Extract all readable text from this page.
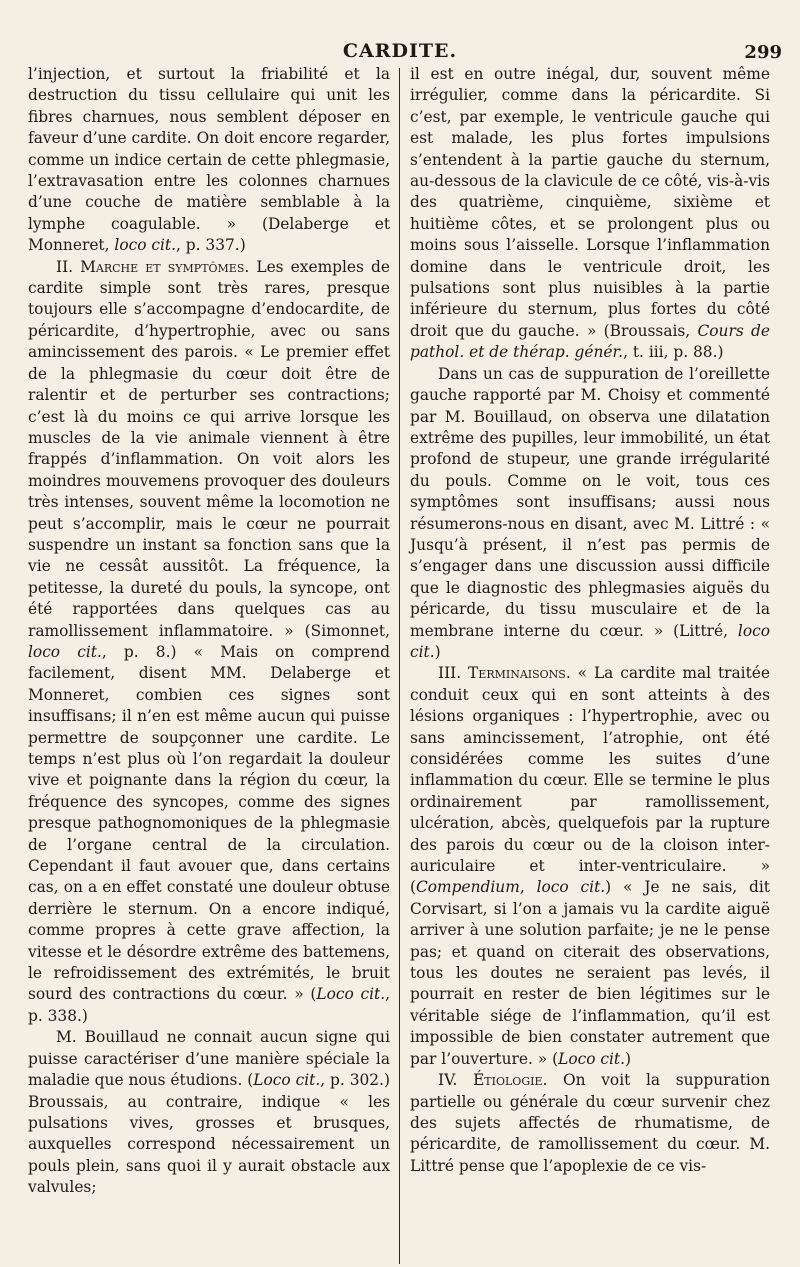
CARDITE.	299

l’injection, et surtout la friabilité et la destruction du tissu cellulaire qui unit les fibres charnues, nous semblent déposer en faveur d’une cardite. On doit encore regarder, comme un indice certain de cette phlegmasie, l’extravasation entre les colonnes charnues d’une couche de matière semblable à la lymphe coagulable. » (Delaberge et Monneret, loco cit., p. 337.)

II. Marche et symptômes. Les exemples de cardite simple sont très rares, presque toujours elle s’accompagne d’endocardite, de péricardite, d’hypertrophie, avec ou sans amincissement des parois. « Le premier effet de la phlegmasie du cœur doit être de ralentir et de perturber ses contractions; c’est là du moins ce qui arrive lorsque les muscles de la vie animale viennent à être frappés d’inflammation. On voit alors les moindres mouvemens provoquer des douleurs très intenses, souvent même la locomotion ne peut s’accomplir, mais le cœur ne pourrait suspendre un instant sa fonction sans que la vie ne cessât aussitôt. La fréquence, la petitesse, la dureté du pouls, la syncope, ont été rapportées dans quelques cas au ramollissement inflammatoire. » (Simonnet, loco cit., p. 8.) « Mais on comprend facilement, disent MM. Delaberge et Monneret, combien ces signes sont insuffisans; il n’en est même aucun qui puisse permettre de soupçonner une cardite. Le temps n’est plus où l’on regardait la douleur vive et poignante dans la région du cœur, la fréquence des syncopes, comme des signes presque pathognomoniques de la phlegmasie de l’organe central de la circulation. Cependant il faut avouer que, dans certains cas, on a en effet constaté une douleur obtuse derrière le sternum. On a encore indiqué, comme propres à cette grave affection, la vitesse et le désordre extrême des battemens, le refroidissement des extrémités, le bruit sourd des contractions du cœur. » (Loco cit., p. 338.)

M. Bouillaud ne connait aucun signe qui puisse caractériser d’une manière spéciale la maladie que nous étudions. (Loco cit., p. 302.) Broussais, au contraire, indique « les pulsations vives, grosses et brusques, auxquelles correspond nécessairement un pouls plein, sans quoi il y aurait obstacle aux valvules;

il est en outre inégal, dur, souvent même irrégulier, comme dans la péricardite. Si c’est, par exemple, le ventricule gauche qui est malade, les plus fortes impulsions s’entendent à la partie gauche du sternum, au-dessous de la clavicule de ce côté, vis-à-vis des quatrième, cinquième, sixième et huitième côtes, et se prolongent plus ou moins sous l’aisselle. Lorsque l’inflammation domine dans le ventricule droit, les pulsations sont plus nuisibles à la partie inférieure du sternum, plus fortes du côté droit que du gauche. » (Broussais, Cours de pathol. et de thérap. génér., t. iii, p. 88.)

Dans un cas de suppuration de l’oreillette gauche rapporté par M. Choisy et commenté par M. Bouillaud, on observa une dilatation extrême des pupilles, leur immobilité, un état profond de stupeur, une grande irrégularité du pouls. Comme on le voit, tous ces symptômes sont insuffisans; aussi nous résumerons-nous en disant, avec M. Littré : « Jusqu’à présent, il n’est pas permis de s’engager dans une discussion aussi difficile que le diagnostic des phlegmasies aiguës du péricarde, du tissu musculaire et de la membrane interne du cœur. » (Littré, loco cit.)

III. Terminaisons. « La cardite mal traitée conduit ceux qui en sont atteints à des lésions organiques : l’hypertrophie, avec ou sans amincissement, l’atrophie, ont été considérées comme les suites d’une inflammation du cœur. Elle se termine le plus ordinairement par ramollissement, ulcération, abcès, quelquefois par la rupture des parois du cœur ou de la cloison inter-auriculaire et inter-ventriculaire. » (Compendium, loco cit.) « Je ne sais, dit Corvisart, si l’on a jamais vu la cardite aiguë arriver à une solution parfaite; je ne le pense pas; et quand on citerait des observations, tous les doutes ne seraient pas levés, il pourrait en rester de bien légitimes sur le véritable siége de l’inflammation, qu’il est impossible de bien constater autrement que par l’ouverture. » (Loco cit.)

IV. Étiologie. On voit la suppuration partielle ou générale du cœur survenir chez des sujets affectés de rhumatisme, de péricardite, de ramollissement du cœur. M. Littré pense que l’apoplexie de ce vis-
